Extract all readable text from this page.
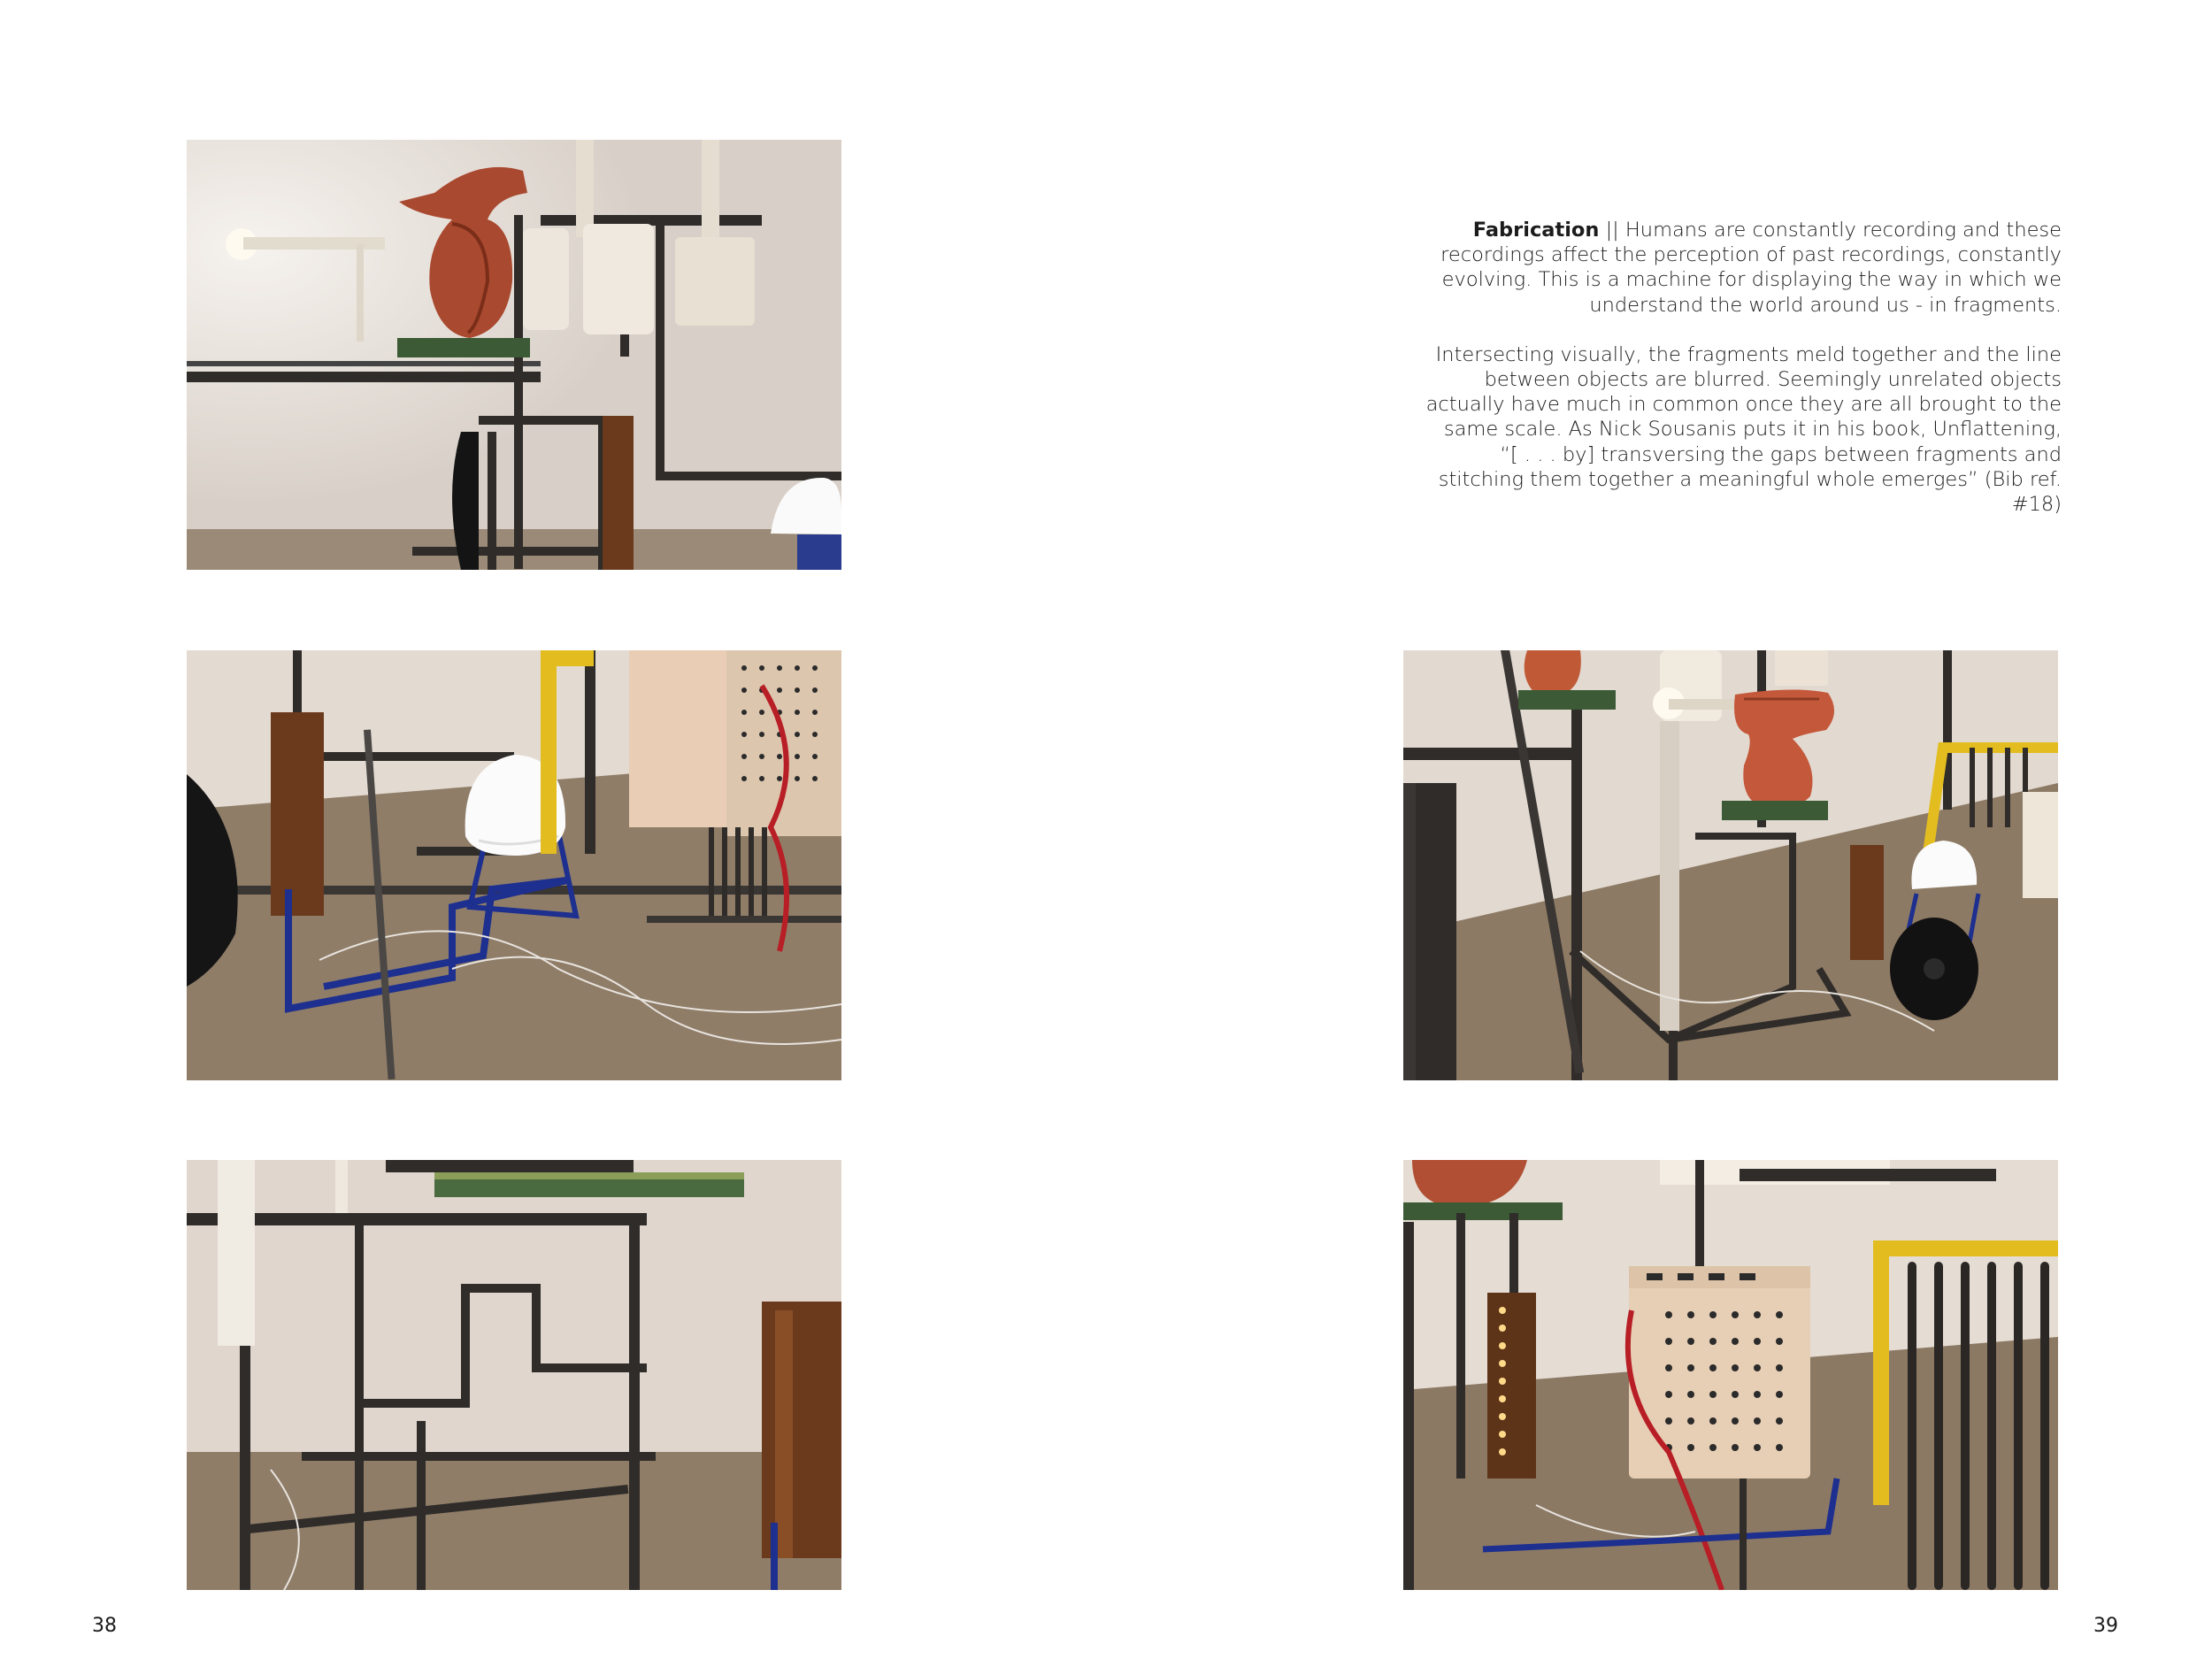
38

Fabrication || Humans are constantly recording and these recordings affect the perception of past recordings, constantly evolving. This is a machine for displaying the way in which we understand the world around us - in fragments.

Intersecting visually, the fragments meld together and the line between objects are blurred. Seemingly unrelated objects actually have much in common once they are all brought to the same scale. As Nick Sousanis puts it in his book, Unflattening, “[ . . . by] transversing the gaps between fragments and stitching them together a meaningful whole emerges” (Bib ref. #18)

39
